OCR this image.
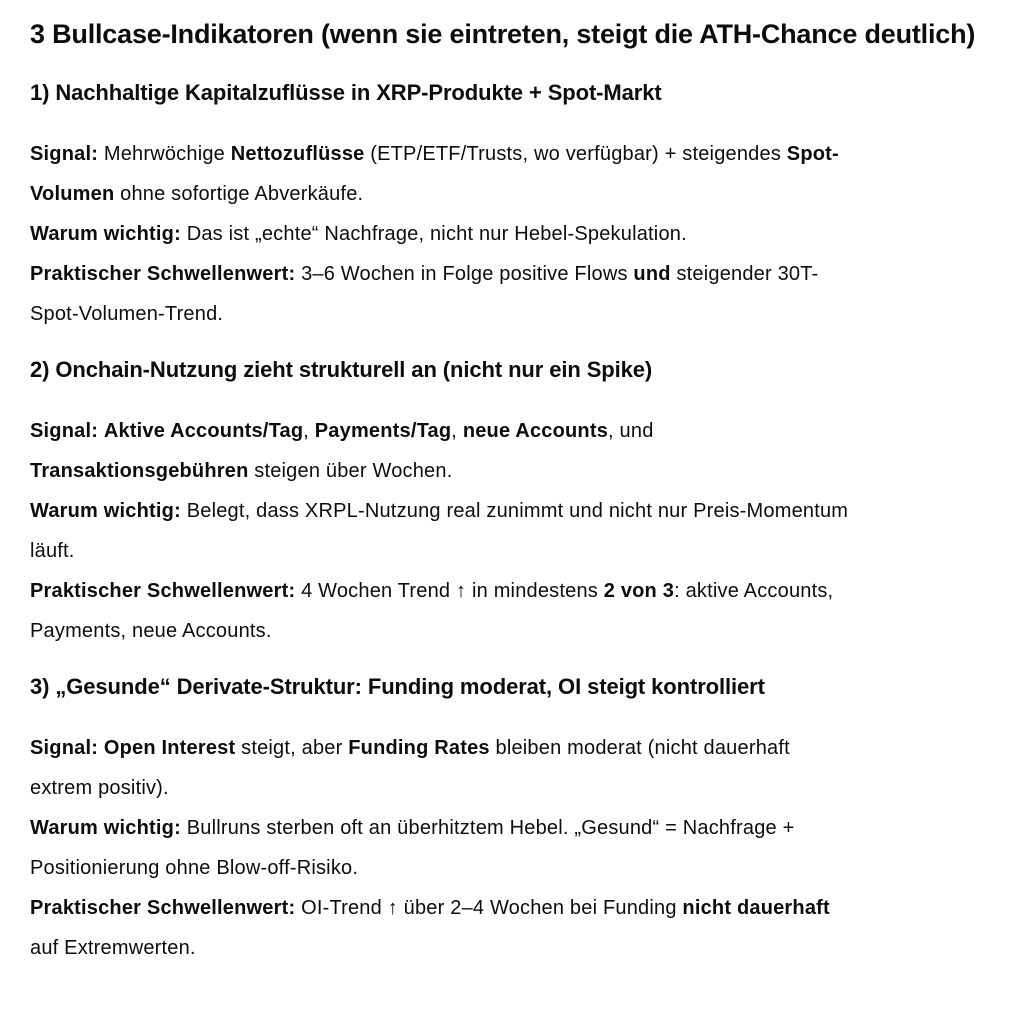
3 Bullcase-Indikatoren (wenn sie eintreten, steigt die ATH-Chance deutlich)
1) Nachhaltige Kapitalzuflüsse in XRP-Produkte + Spot-Markt

Signal: Mehrwöchige Nettozuflüsse (ETP/ETF/Trusts, wo verfügbar) + steigendes Spot-Volumen ohne sofortige Abverkäufe.

Warum wichtig: Das ist „echte“ Nachfrage, nicht nur Hebel-Spekulation.

Praktischer Schwellenwert: 3–6 Wochen in Folge positive Flows und steigender 30T-Spot-Volumen-Trend.

2) Onchain-Nutzung zieht strukturell an (nicht nur ein Spike)

Signal: Aktive Accounts/Tag, Payments/Tag, neue Accounts, und Transaktionsgebühren steigen über Wochen.

Warum wichtig: Belegt, dass XRPL-Nutzung real zunimmt und nicht nur Preis-Momentum läuft.

Praktischer Schwellenwert: 4 Wochen Trend ↑ in mindestens 2 von 3: aktive Accounts, Payments, neue Accounts.

3) „Gesunde“ Derivate-Struktur: Funding moderat, OI steigt kontrolliert

Signal: Open Interest steigt, aber Funding Rates bleiben moderat (nicht dauerhaft extrem positiv).

Warum wichtig: Bullruns sterben oft an überhitztem Hebel. „Gesund“ = Nachfrage + Positionierung ohne Blow-off-Risiko.

Praktischer Schwellenwert: OI-Trend ↑ über 2–4 Wochen bei Funding nicht dauerhaft auf Extremwerten.
